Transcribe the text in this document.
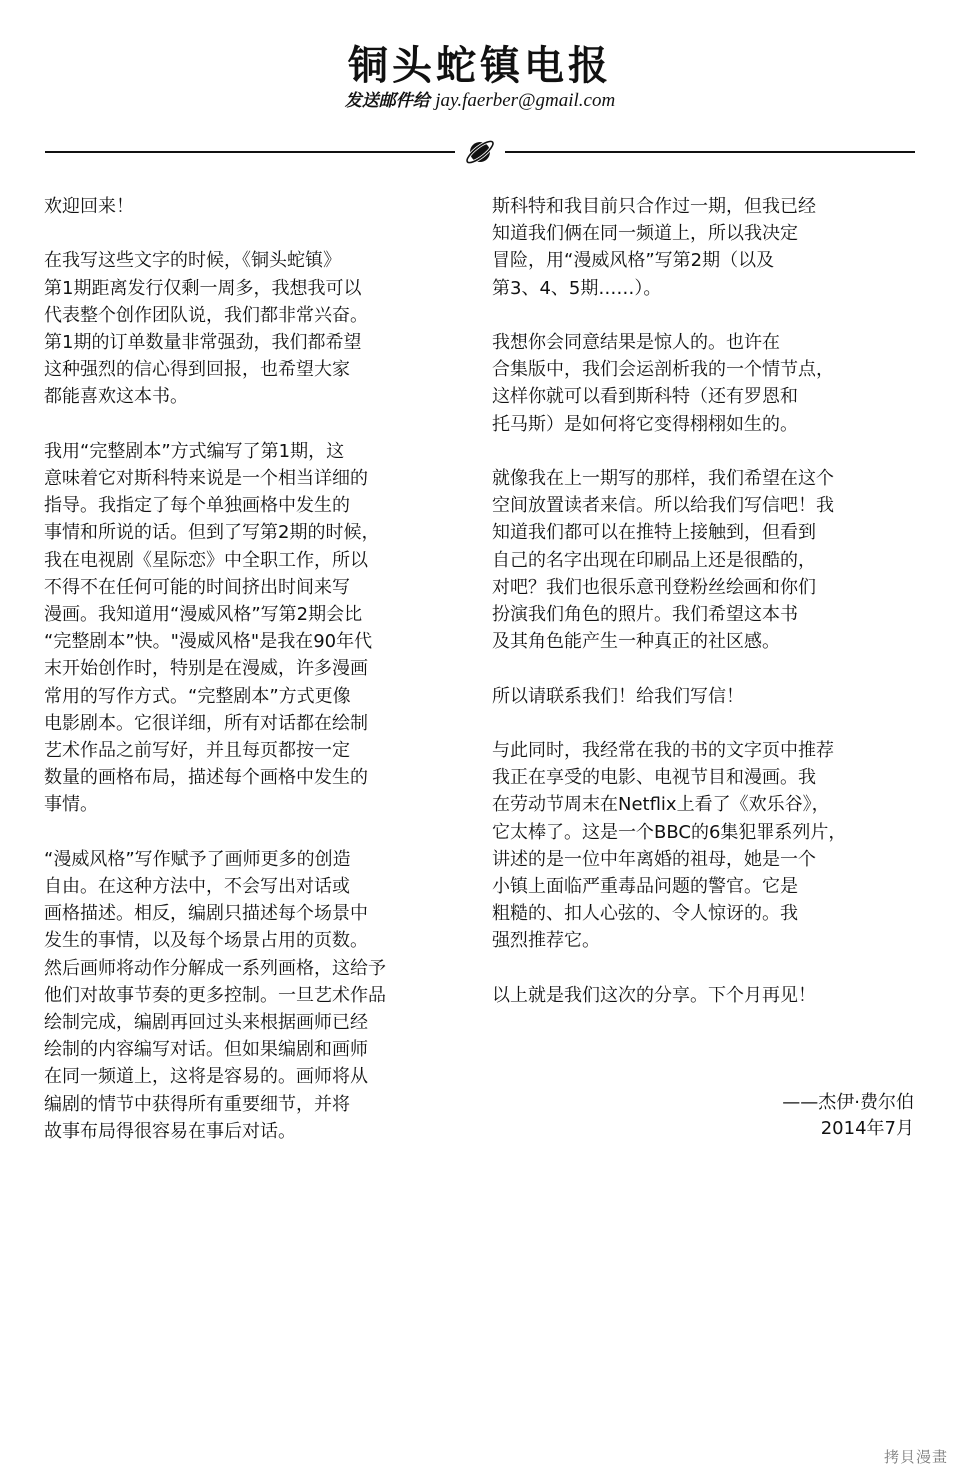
铜头蛇镇电报
发送邮件给 jay.faerber@gmail.com

欢迎回来！

在我写这些文字的时候，《铜头蛇镇》
第1期距离发行仅剩一周多，我想我可以
代表整个创作团队说，我们都非常兴奋。
第1期的订单数量非常强劲，我们都希望
这种强烈的信心得到回报，也希望大家
都能喜欢这本书。

我用“完整剧本”方式编写了第1期，这
意味着它对斯科特来说是一个相当详细的
指导。我指定了每个单独画格中发生的
事情和所说的话。但到了写第2期的时候，
我在电视剧《星际恋》中全职工作，所以
不得不在任何可能的时间挤出时间来写
漫画。我知道用“漫威风格”写第2期会比
“完整剧本”快。"漫威风格"是我在90年代
末开始创作时，特别是在漫威，许多漫画
常用的写作方式。“完整剧本”方式更像
电影剧本。它很详细，所有对话都在绘制
艺术作品之前写好，并且每页都按一定
数量的画格布局，描述每个画格中发生的
事情。

“漫威风格”写作赋予了画师更多的创造
自由。在这种方法中，不会写出对话或
画格描述。相反，编剧只描述每个场景中
发生的事情，以及每个场景占用的页数。
然后画师将动作分解成一系列画格，这给予
他们对故事节奏的更多控制。一旦艺术作品
绘制完成，编剧再回过头来根据画师已经
绘制的内容编写对话。但如果编剧和画师
在同一频道上，这将是容易的。画师将从
编剧的情节中获得所有重要细节，并将
故事布局得很容易在事后对话。

斯科特和我目前只合作过一期，但我已经
知道我们俩在同一频道上，所以我决定
冒险，用“漫威风格”写第2期（以及
第3、4、5期……）。

我想你会同意结果是惊人的。也许在
合集版中，我们会运剖析我的一个情节点，
这样你就可以看到斯科特（还有罗恩和
托马斯）是如何将它变得栩栩如生的。

就像我在上一期写的那样，我们希望在这个
空间放置读者来信。所以给我们写信吧！我
知道我们都可以在推特上接触到，但看到
自己的名字出现在印刷品上还是很酷的，
对吧？我们也很乐意刊登粉丝绘画和你们
扮演我们角色的照片。我们希望这本书
及其角色能产生一种真正的社区感。

所以请联系我们！给我们写信！

与此同时，我经常在我的书的文字页中推荐
我正在享受的电影、电视节目和漫画。我
在劳动节周末在Netflix上看了《欢乐谷》，
它太棒了。这是一个BBC的6集犯罪系列片，
讲述的是一位中年离婚的祖母，她是一个
小镇上面临严重毒品问题的警官。它是
粗糙的、扣人心弦的、令人惊讶的。我
强烈推荐它。

以上就是我们这次的分享。下个月再见！

——杰伊·费尔伯
2014年7月
拷貝漫畫
